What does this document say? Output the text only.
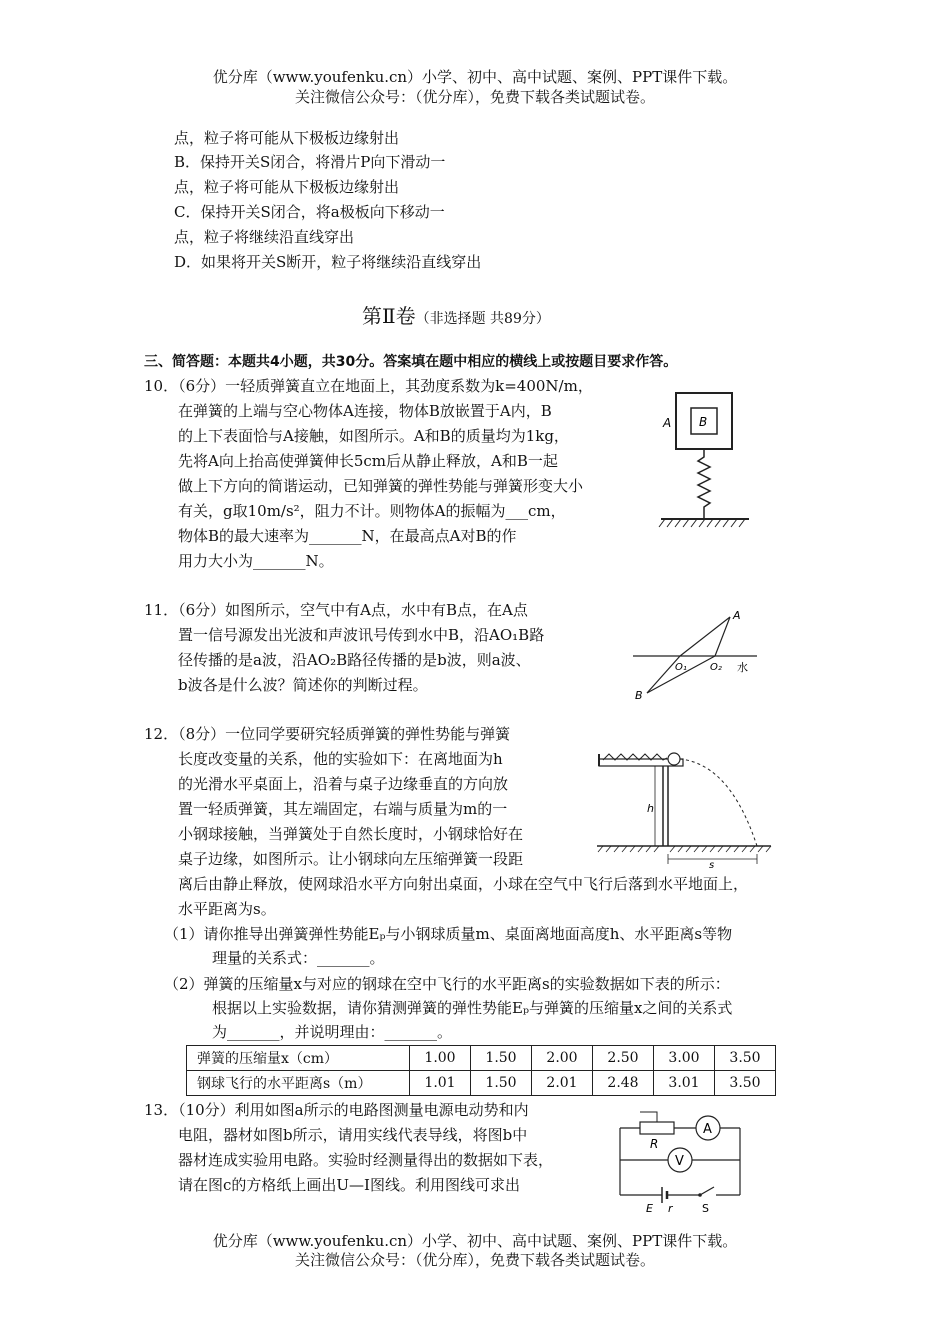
优分库（www.youfenku.cn）小学、初中、高中试题、案例、PPT课件下载。
关注微信公众号：（优分库），免费下载各类试题试卷。
点，粒子将可能从下极板边缘射出
B．保持开关S闭合，将滑片P向下滑动一
点，粒子将可能从下极板边缘射出
C．保持开关S闭合，将a极板向下移动一
点，粒子将继续沿直线穿出
D．如果将开关S断开，粒子将继续沿直线穿出
第Ⅱ卷（非选择题 共89分）
三、简答题：本题共4小题，共30分。答案填在题中相应的横线上或按题目要求作答。
10．（6分）一轻质弹簧直立在地面上，其劲度系数为k=400N/m，
在弹簧的上端与空心物体A连接，物体B放嵌置于A内，B
的上下表面恰与A接触，如图所示。A和B的质量均为1kg，
先将A向上抬高使弹簧伸长5cm后从静止释放，A和B一起
做上下方向的简谐运动，已知弹簧的弹性势能与弹簧形变大小
有关，g取10m/s²，阻力不计。则物体A的振幅为___cm，
物体B的最大速率为_______N，在最高点A对B的作
用力大小为_______N。
A B
11．（6分）如图所示，空气中有A点，水中有B点，在A点
置一信号源发出光波和声波讯号传到水中B，沿AO₁B路
径传播的是a波，沿AO₂B路径传播的是b波，则a波、
b波各是什么波？简述你的判断过程。
A
O₁ O₂ 水
B
12．（8分）一位同学要研究轻质弹簧的弹性势能与弹簧
长度改变量的关系，他的实验如下：在离地面为h
的光滑水平桌面上，沿着与桌子边缘垂直的方向放
置一轻质弹簧，其左端固定，右端与质量为m的一
小钢球接触，当弹簧处于自然长度时，小钢球恰好在
桌子边缘，如图所示。让小钢球向左压缩弹簧一段距
离后由静止释放，使网球沿水平方向射出桌面，小球在空气中飞行后落到水平地面上，
水平距离为s。
（1）请你推导出弹簧弹性势能Eₚ与小钢球质量m、桌面离地面高度h、水平距离s等物
理量的关系式：_______。
（2）弹簧的压缩量x与对应的钢球在空中飞行的水平距离s的实验数据如下表的所示：
根据以上实验数据，请你猜测弹簧的弹性势能Eₚ与弹簧的压缩量x之间的关系式
为_______，并说明理由：_______。
h
s
弹簧的压缩量x（cm）	1.00	1.50	2.00	2.50	3.00	3.50
钢球飞行的水平距离s（m）	1.01	1.50	2.01	2.48	3.01	3.50
13．（10分）利用如图a所示的电路图测量电源电动势和内
电阻，器材如图b所示，请用实线代表导线，将图b中
器材连成实验用电路。实验时经测量得出的数据如下表，
请在图c的方格纸上画出U—I图线。利用图线可求出
R
A
V
E r	S
优分库（www.youfenku.cn）小学、初中、高中试题、案例、PPT课件下载。
关注微信公众号：（优分库），免费下载各类试题试卷。
